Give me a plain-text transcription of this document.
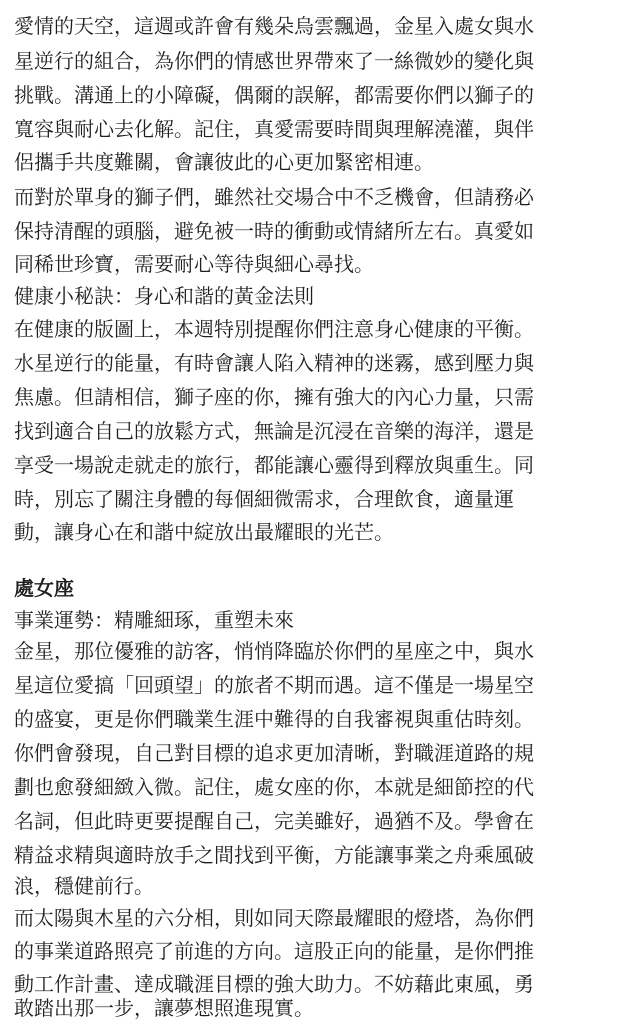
愛情的天空，這週或許會有幾朵烏雲飄過，金星入處女與水
星逆行的組合，為你們的情感世界帶來了一絲微妙的變化與
挑戰。溝通上的小障礙，偶爾的誤解，都需要你們以獅子的
寬容與耐心去化解。記住，真愛需要時間與理解澆灌，與伴
侶攜手共度難關，會讓彼此的心更加緊密相連。
而對於單身的獅子們，雖然社交場合中不乏機會，但請務必
保持清醒的頭腦，避免被一時的衝動或情緒所左右。真愛如
同稀世珍寶，需要耐心等待與細心尋找。
健康小秘訣：身心和諧的黃金法則
在健康的版圖上，本週特別提醒你們注意身心健康的平衡。
水星逆行的能量，有時會讓人陷入精神的迷霧，感到壓力與
焦慮。但請相信，獅子座的你，擁有強大的內心力量，只需
找到適合自己的放鬆方式，無論是沉浸在音樂的海洋，還是
享受一場說走就走的旅行，都能讓心靈得到釋放與重生。同
時，別忘了關注身體的每個細微需求，合理飲食，適量運
動，讓身心在和諧中綻放出最耀眼的光芒。
處女座
事業運勢：精雕細琢，重塑未來
金星，那位優雅的訪客，悄悄降臨於你們的星座之中，與水
星這位愛搞「回頭望」的旅者不期而遇。這不僅是一場星空
的盛宴，更是你們職業生涯中難得的自我審視與重估時刻。
你們會發現，自己對目標的追求更加清晰，對職涯道路的規
劃也愈發細緻入微。記住，處女座的你，本就是細節控的代
名詞，但此時更要提醒自己，完美雖好，過猶不及。學會在
精益求精與適時放手之間找到平衡，方能讓事業之舟乘風破
浪，穩健前行。
而太陽與木星的六分相，則如同天際最耀眼的燈塔，為你們
的事業道路照亮了前進的方向。這股正向的能量，是你們推
動工作計畫、達成職涯目標的強大助力。不妨藉此東風，勇
敢踏出那一步，讓夢想照進現實。
